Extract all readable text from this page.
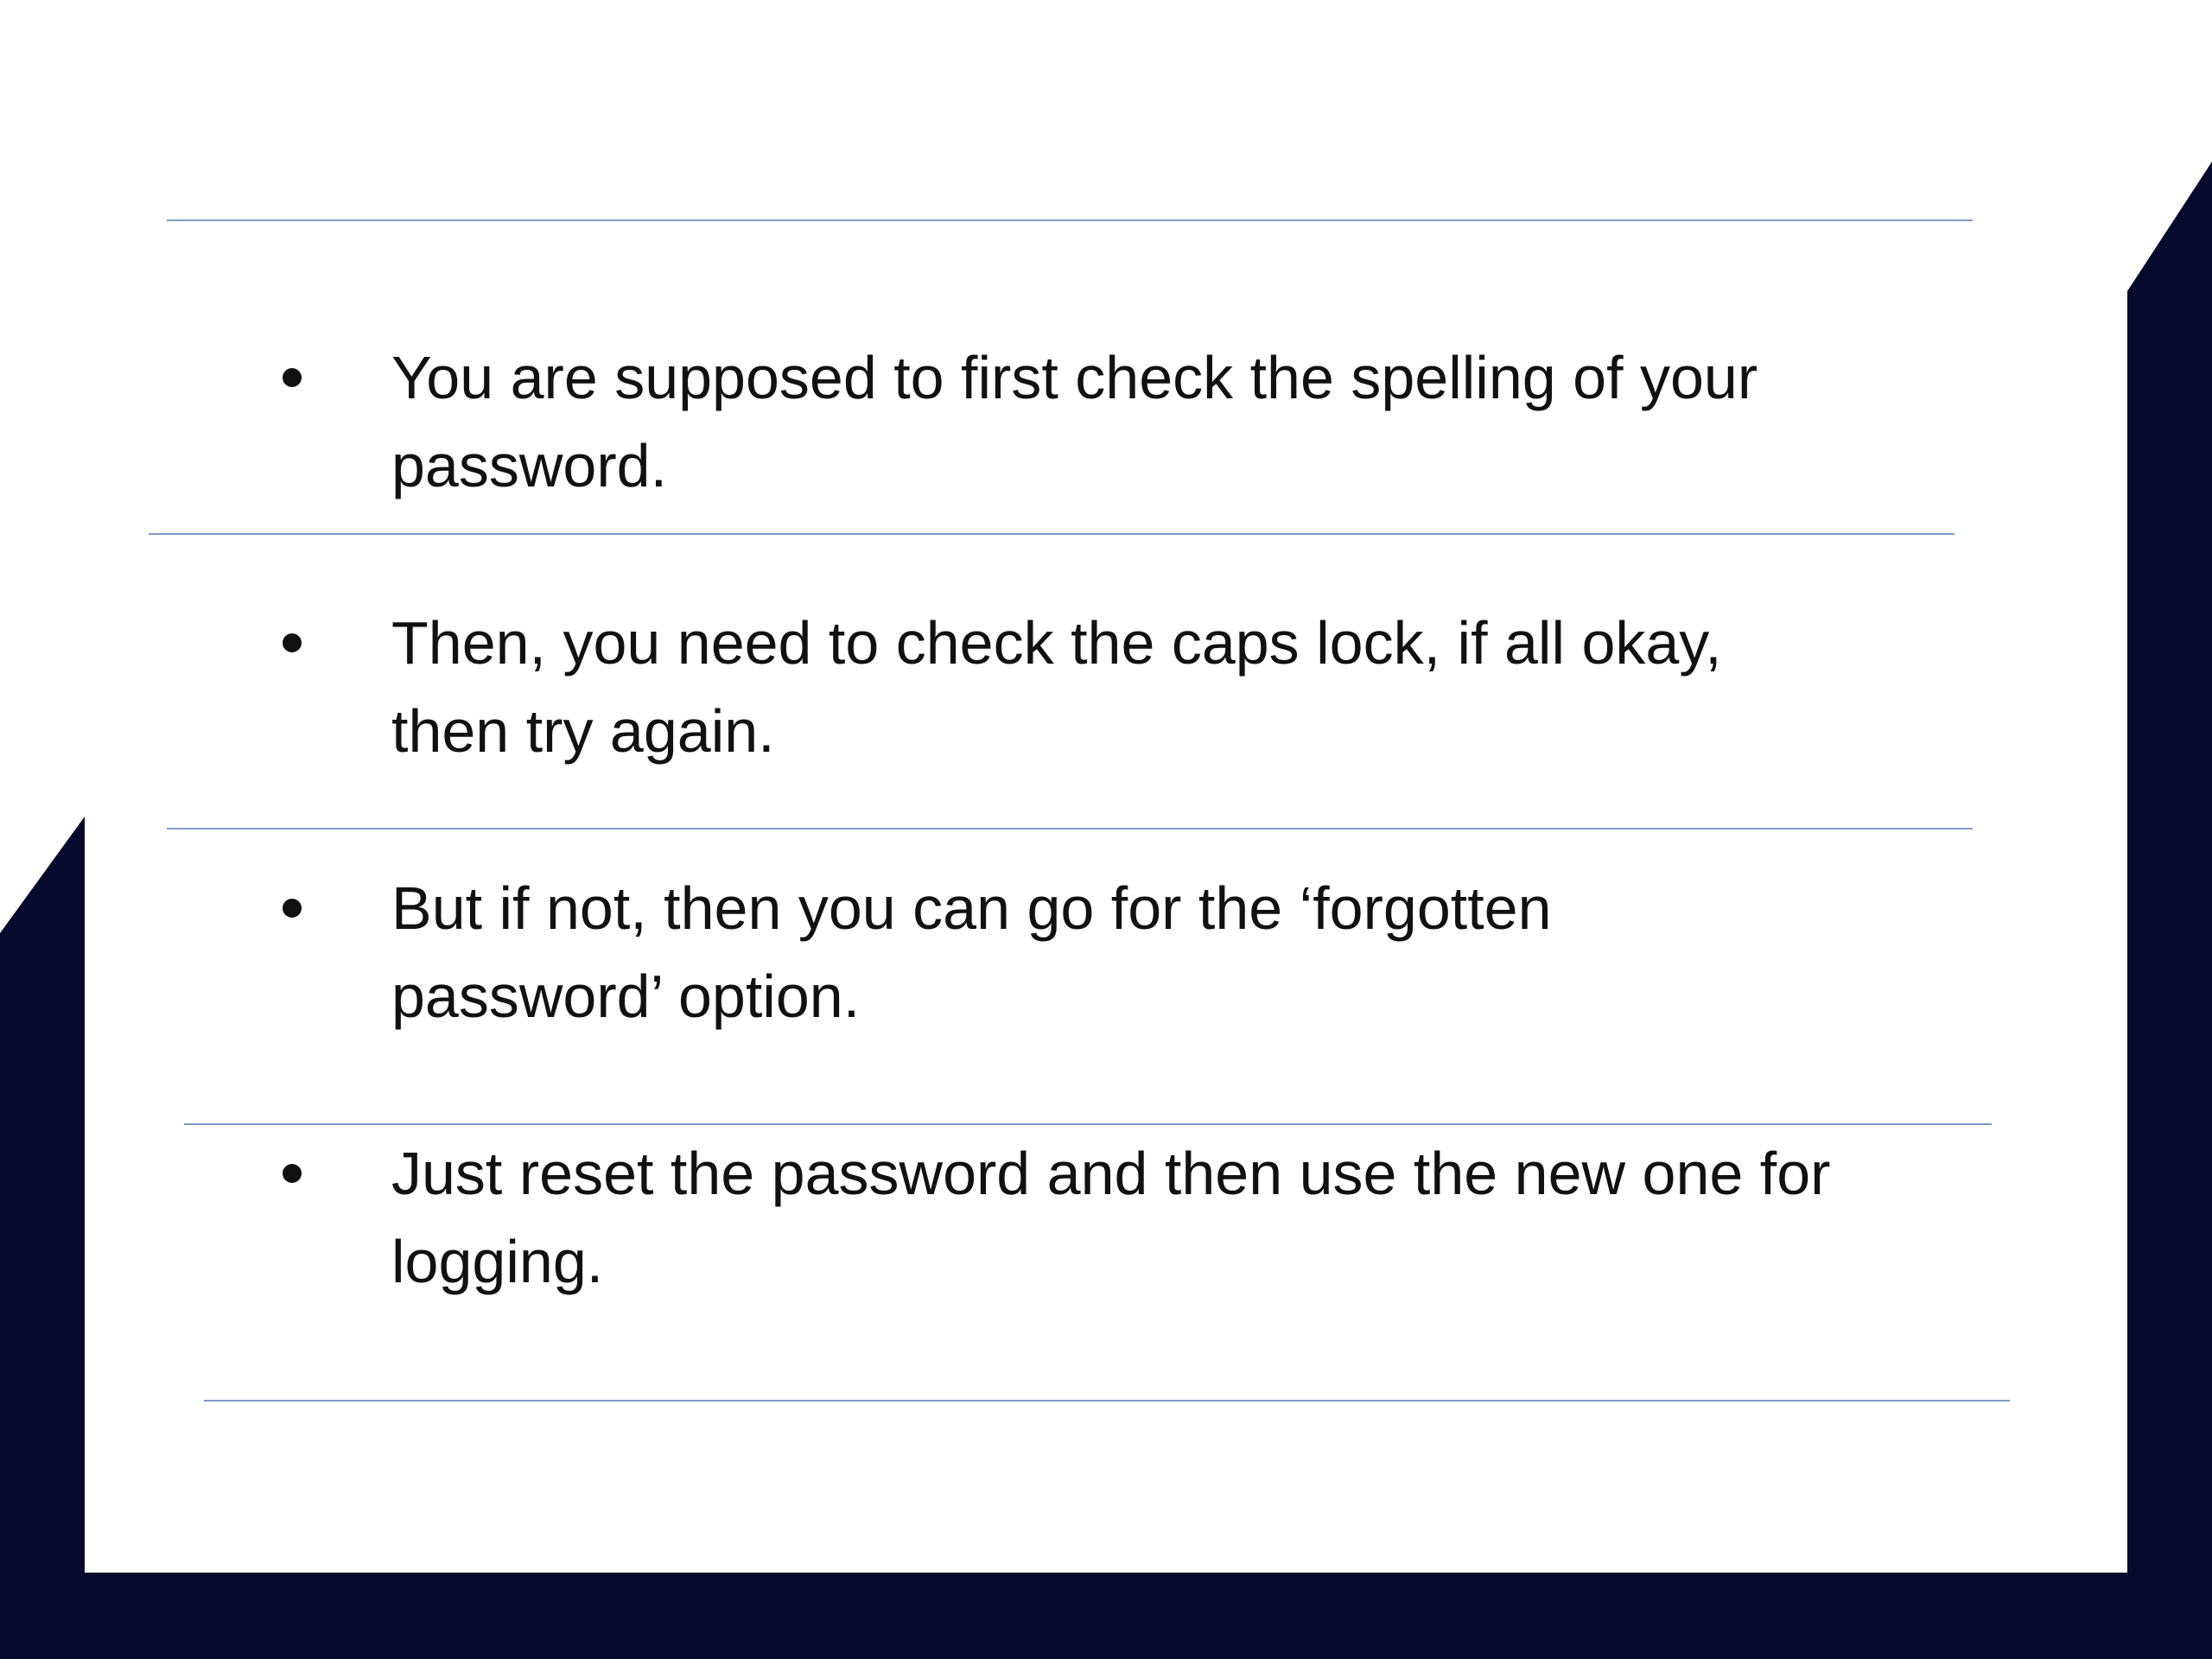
You are supposed to first check the spelling of your
password.

Then, you need to check the caps lock, if all okay,
then try again.

But if not, then you can go for the ‘forgotten
password’ option.

Just reset the password and then use the new one for
logging.
